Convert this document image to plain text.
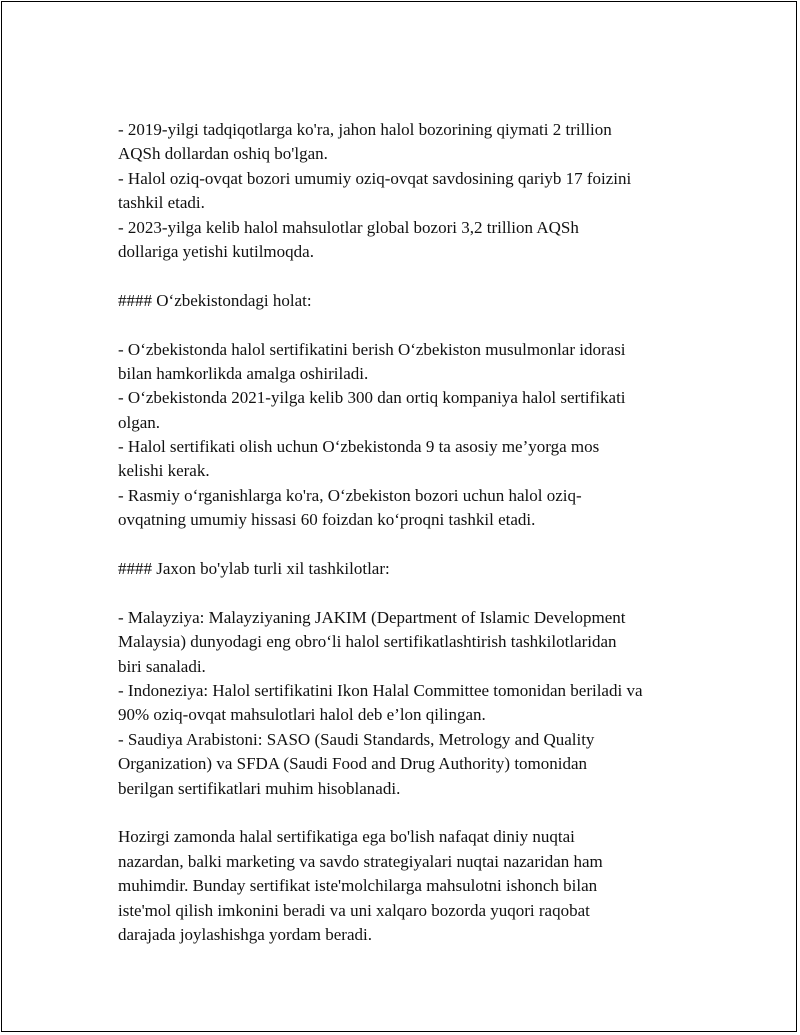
- 2019-yilgi tadqiqotlarga ko'ra, jahon halol bozorining qiymati 2 trillion
AQSh dollardan oshiq bo'lgan.
- Halol oziq-ovqat bozori umumiy oziq-ovqat savdosining qariyb 17 foizini
tashkil etadi.
- 2023-yilga kelib halol mahsulotlar global bozori 3,2 trillion AQSh
dollariga yetishi kutilmoqda.
#### O‘zbekistondagi holat:
- O‘zbekistonda halol sertifikatini berish O‘zbekiston musulmonlar idorasi
bilan hamkorlikda amalga oshiriladi.
- O‘zbekistonda 2021-yilga kelib 300 dan ortiq kompaniya halol sertifikati
olgan.
- Halol sertifikati olish uchun O‘zbekistonda 9 ta asosiy me’yorga mos
kelishi kerak.
- Rasmiy o‘rganishlarga ko'ra, O‘zbekiston bozori uchun halol oziq-
ovqatning umumiy hissasi 60 foizdan ko‘proqni tashkil etadi.
#### Jaxon bo'ylab turli xil tashkilotlar:
- Malayziya: Malayziyaning JAKIM (Department of Islamic Development
Malaysia) dunyodagi eng obro‘li halol sertifikatlashtirish tashkilotlaridan
biri sanaladi.
- Indoneziya: Halol sertifikatini Ikon Halal Committee tomonidan beriladi va
90% oziq-ovqat mahsulotlari halol deb e’lon qilingan.
- Saudiya Arabistoni: SASO (Saudi Standards, Metrology and Quality
Organization) va SFDA (Saudi Food and Drug Authority) tomonidan
berilgan sertifikatlari muhim hisoblanadi.
Hozirgi zamonda halal sertifikatiga ega bo'lish nafaqat diniy nuqtai
nazardan, balki marketing va savdo strategiyalari nuqtai nazaridan ham
muhimdir. Bunday sertifikat iste'molchilarga mahsulotni ishonch bilan
iste'mol qilish imkonini beradi va uni xalqaro bozorda yuqori raqobat
darajada joylashishga yordam beradi.
